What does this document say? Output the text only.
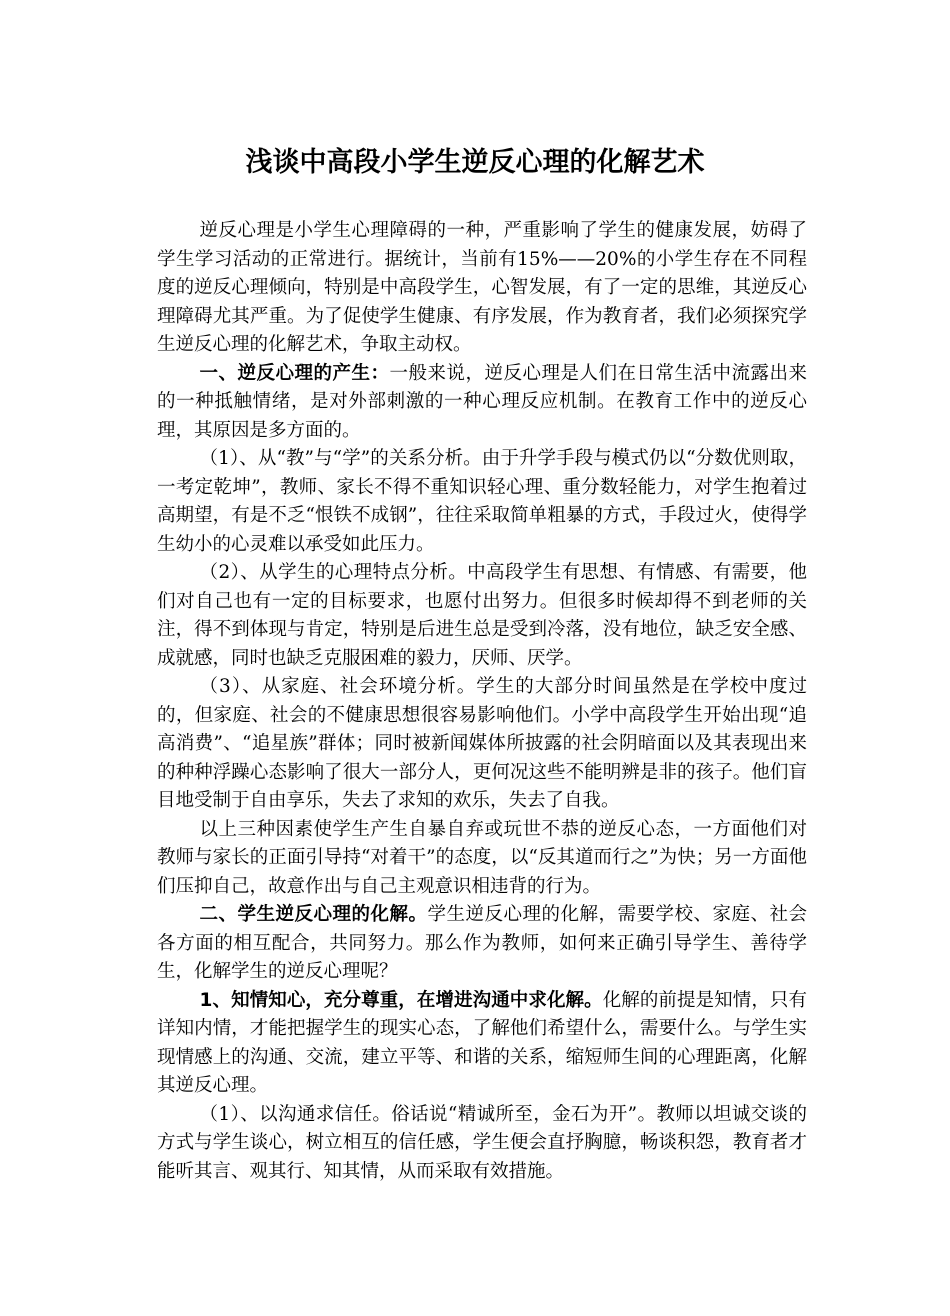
浅谈中高段小学生逆反心理的化解艺术

逆反心理是小学生心理障碍的一种，严重影响了学生的健康发展，妨碍了学生学习活动的正常进行。据统计，当前有15%——20%的小学生存在不同程度的逆反心理倾向，特别是中高段学生，心智发展，有了一定的思维，其逆反心理障碍尤其严重。为了促使学生健康、有序发展，作为教育者，我们必须探究学生逆反心理的化解艺术，争取主动权。

一、逆反心理的产生：一般来说，逆反心理是人们在日常生活中流露出来的一种抵触情绪，是对外部刺激的一种心理反应机制。在教育工作中的逆反心理，其原因是多方面的。

（1）、从“教”与“学”的关系分析。由于升学手段与模式仍以“分数优则取，一考定乾坤”，教师、家长不得不重知识轻心理、重分数轻能力，对学生抱着过高期望，有是不乏“恨铁不成钢”，往往采取简单粗暴的方式，手段过火，使得学生幼小的心灵难以承受如此压力。

（2）、从学生的心理特点分析。中高段学生有思想、有情感、有需要，他们对自己也有一定的目标要求，也愿付出努力。但很多时候却得不到老师的关注，得不到体现与肯定，特别是后进生总是受到冷落，没有地位，缺乏安全感、成就感，同时也缺乏克服困难的毅力，厌师、厌学。

（3）、从家庭、社会环境分析。学生的大部分时间虽然是在学校中度过的，但家庭、社会的不健康思想很容易影响他们。小学中高段学生开始出现“追高消费”、“追星族”群体；同时被新闻媒体所披露的社会阴暗面以及其表现出来的种种浮躁心态影响了很大一部分人，更何况这些不能明辨是非的孩子。他们盲目地受制于自由享乐，失去了求知的欢乐，失去了自我。

以上三种因素使学生产生自暴自弃或玩世不恭的逆反心态，一方面他们对教师与家长的正面引导持“对着干”的态度，以“反其道而行之”为快；另一方面他们压抑自己，故意作出与自己主观意识相违背的行为。

二、学生逆反心理的化解。学生逆反心理的化解，需要学校、家庭、社会各方面的相互配合，共同努力。那么作为教师，如何来正确引导学生、善待学生，化解学生的逆反心理呢？

1、知情知心，充分尊重，在增进沟通中求化解。化解的前提是知情，只有详知内情，才能把握学生的现实心态，了解他们希望什么，需要什么。与学生实现情感上的沟通、交流，建立平等、和谐的关系，缩短师生间的心理距离，化解其逆反心理。

（1）、以沟通求信任。俗话说“精诚所至，金石为开”。教师以坦诚交谈的方式与学生谈心，树立相互的信任感，学生便会直抒胸臆，畅谈积怨，教育者才能听其言、观其行、知其情，从而采取有效措施。
